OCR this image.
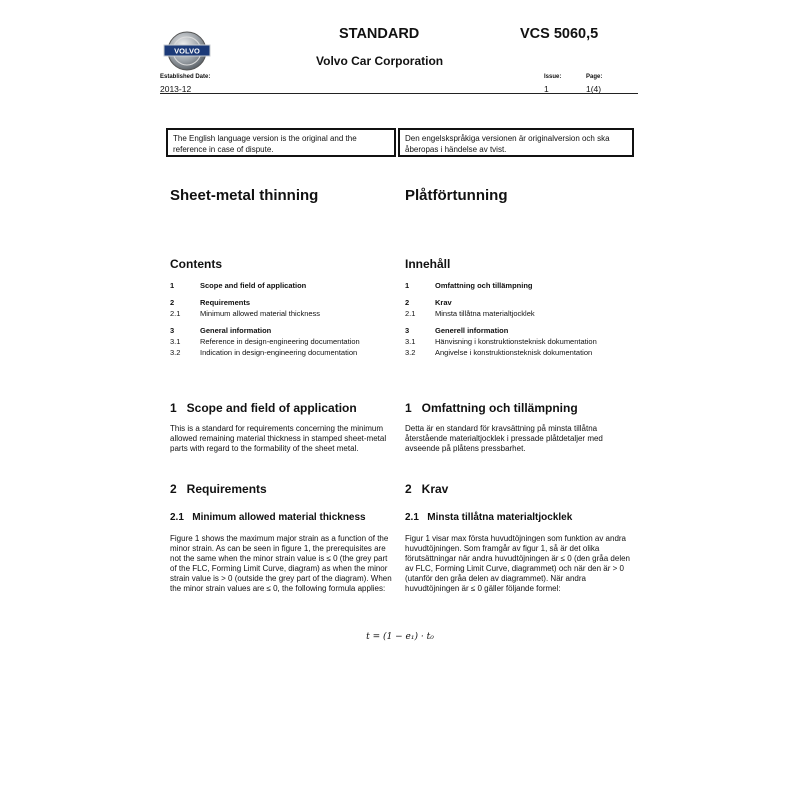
VOLVO
STANDARD	VCS 5060,5
Volvo Car Corporation
Established Date:
2013-12
Issue:
1
Page:
1(4)
The English language version is the original and the reference in case of dispute.
Den engelskspråkiga versionen är originalversion och ska åberopas i händelse av tvist.
Sheet-metal thinning	Plåtförtunning
Contents	Innehåll
1	Scope and field of application
2	Requirements
2.1	Minimum allowed material thickness
3	General information
3.1	Reference in design-engineering documentation
3.2	Indication in design-engineering documentation
1	Omfattning och tillämpning
2	Krav
2.1	Minsta tillåtna materialtjocklek
3	Generell information
3.1	Hänvisning i konstruktionsteknisk dokumentation
3.2	Angivelse i konstruktionsteknisk dokumentation
1   Scope and field of application	1   Omfattning och tillämpning
This is a standard for requirements concerning the minimum allowed remaining material thickness in stamped sheet-metal parts with regard to the formability of the sheet metal.
Detta är en standard för kravsättning på minsta tillåtna återstående materialtjocklek i pressade plåtdetaljer med avseende på plåtens pressbarhet.
2   Requirements	2   Krav
2.1   Minimum allowed material thickness	2.1   Minsta tillåtna materialtjocklek
Figure 1 shows the maximum major strain as a function of the minor strain. As can be seen in figure 1, the prerequisites are not the same when the minor strain value is ≤ 0 (the grey part of the FLC, Forming Limit Curve, diagram) as when the minor strain value is > 0 (outside the grey part of the diagram). When the minor strain values are ≤ 0, the following formula applies:
Figur 1 visar max första huvudtöjningen som funktion av andra huvudtöjningen. Som framgår av figur 1, så är det olika förutsättningar när andra huvudtöjningen är ≤ 0 (den gråa delen av FLC, Forming Limit Curve, diagrammet) och när den är > 0 (utanför den gråa delen av diagrammet). När andra huvudtöjningen är ≤ 0 gäller följande formel:
t = (1 − e₁) · t₀
